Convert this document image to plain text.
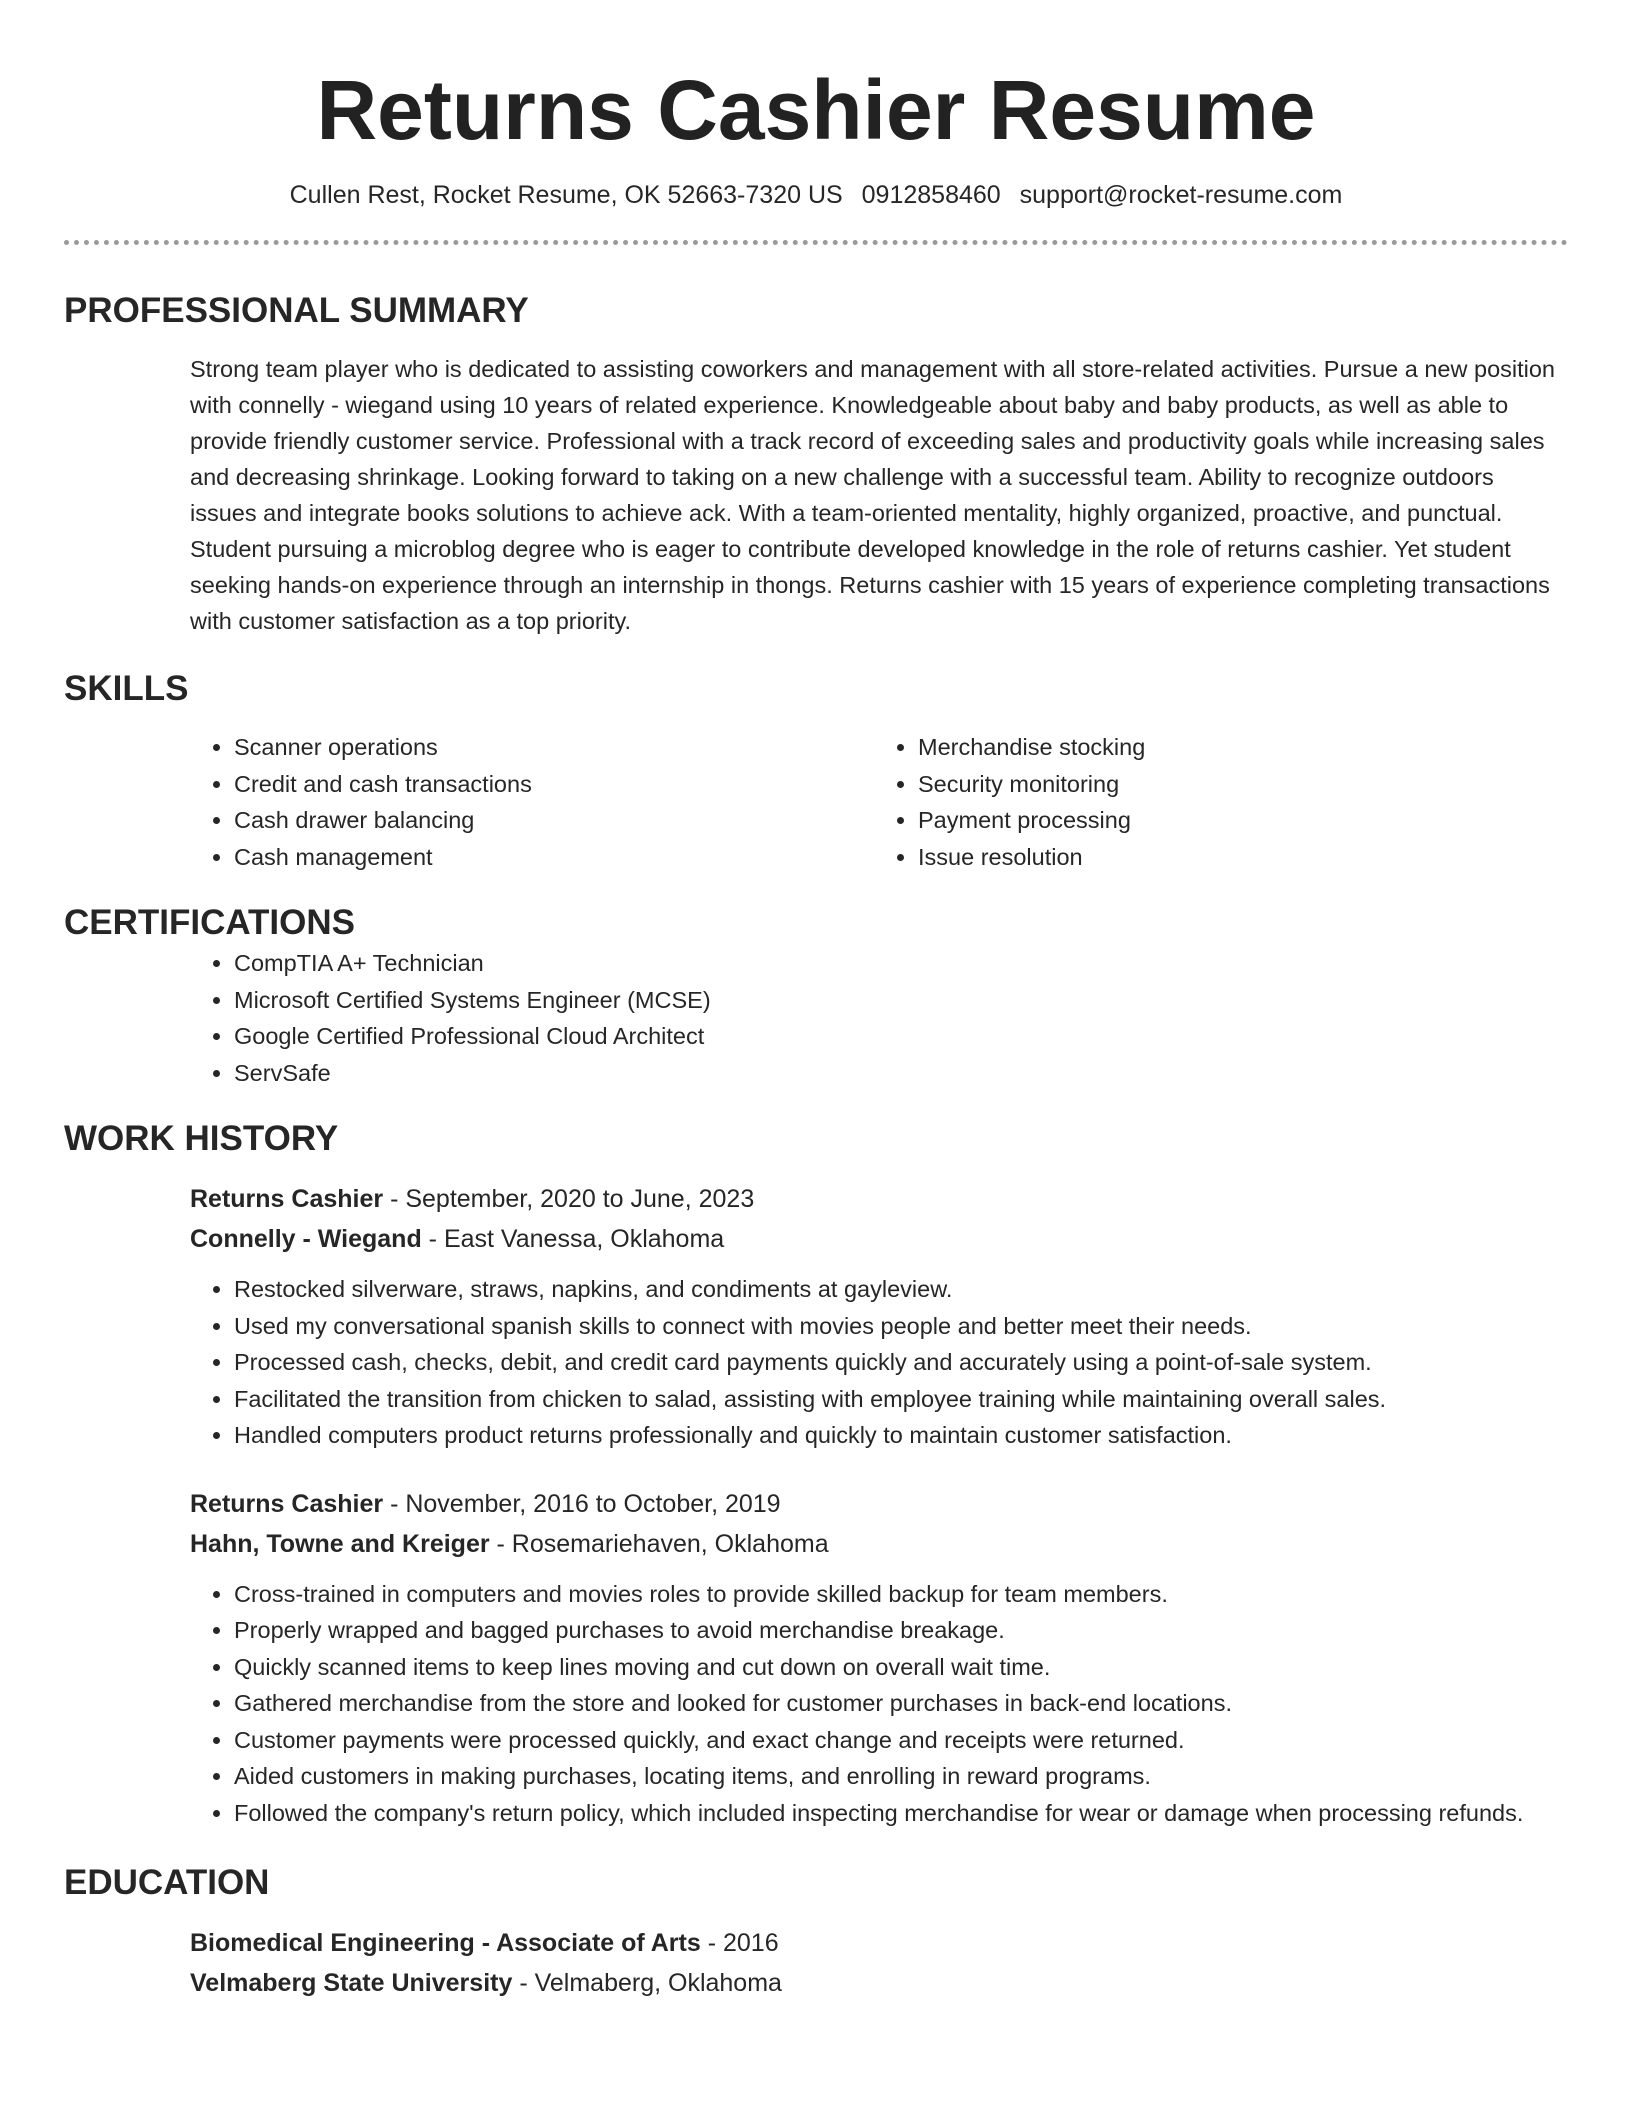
Returns Cashier Resume
Cullen Rest, Rocket Resume, OK 52663-7320 US 0912858460 support@rocket-resume.com
PROFESSIONAL SUMMARY

Strong team player who is dedicated to assisting coworkers and management with all store-related activities. Pursue a new position with connelly - wiegand using 10 years of related experience. Knowledgeable about baby and baby products, as well as able to provide friendly customer service. Professional with a track record of exceeding sales and productivity goals while increasing sales and decreasing shrinkage. Looking forward to taking on a new challenge with a successful team. Ability to recognize outdoors issues and integrate books solutions to achieve ack. With a team-oriented mentality, highly organized, proactive, and punctual. Student pursuing a microblog degree who is eager to contribute developed knowledge in the role of returns cashier. Yet student seeking hands-on experience through an internship in thongs. Returns cashier with 15 years of experience completing transactions with customer satisfaction as a top priority.

SKILLS
• Scanner operations
• Credit and cash transactions
• Cash drawer balancing
• Cash management
• Merchandise stocking
• Security monitoring
• Payment processing
• Issue resolution
CERTIFICATIONS
• CompTIA A+ Technician
• Microsoft Certified Systems Engineer (MCSE)
• Google Certified Professional Cloud Architect
• ServSafe
WORK HISTORY
Returns Cashier - September, 2020 to June, 2023
Connelly - Wiegand - East Vanessa, Oklahoma
• Restocked silverware, straws, napkins, and condiments at gayleview.
• Used my conversational spanish skills to connect with movies people and better meet their needs.
• Processed cash, checks, debit, and credit card payments quickly and accurately using a point-of-sale system.
• Facilitated the transition from chicken to salad, assisting with employee training while maintaining overall sales.
• Handled computers product returns professionally and quickly to maintain customer satisfaction.
Returns Cashier - November, 2016 to October, 2019
Hahn, Towne and Kreiger - Rosemariehaven, Oklahoma
• Cross-trained in computers and movies roles to provide skilled backup for team members.
• Properly wrapped and bagged purchases to avoid merchandise breakage.
• Quickly scanned items to keep lines moving and cut down on overall wait time.
• Gathered merchandise from the store and looked for customer purchases in back-end locations.
• Customer payments were processed quickly, and exact change and receipts were returned.
• Aided customers in making purchases, locating items, and enrolling in reward programs.
• Followed the company's return policy, which included inspecting merchandise for wear or damage when processing refunds.
EDUCATION
Biomedical Engineering - Associate of Arts - 2016
Velmaberg State University - Velmaberg, Oklahoma
